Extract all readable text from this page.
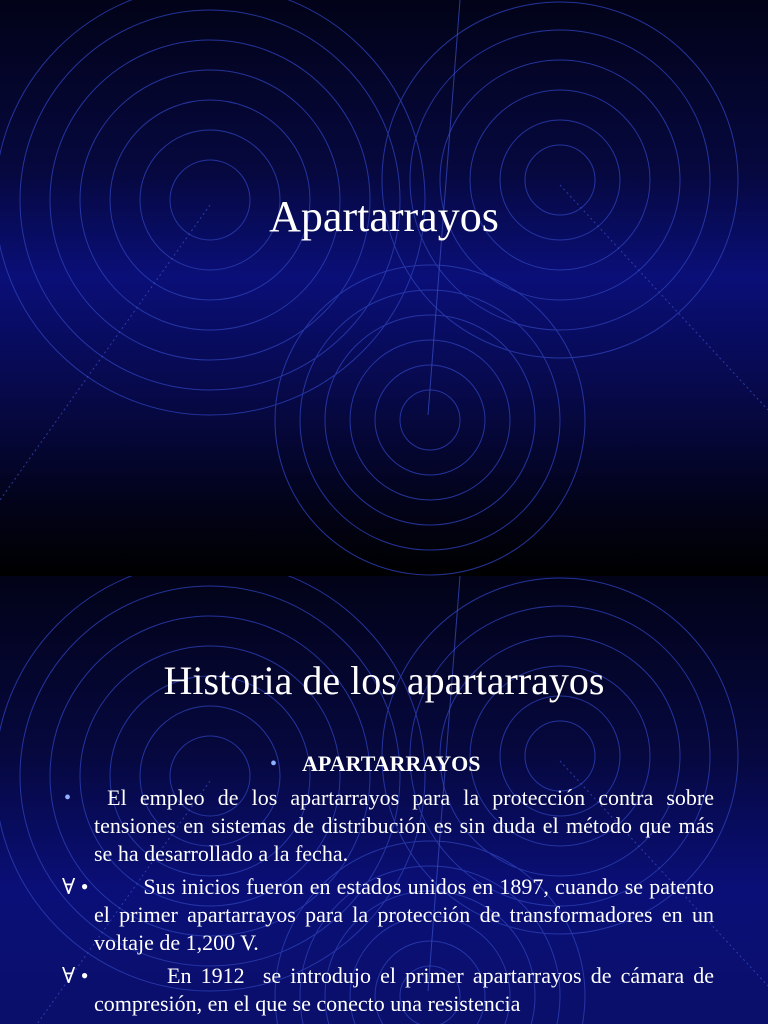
Apartarrayos
Historia de los apartarrayos
• APARTARRAYOS
• El empleo de los apartarrayos para la protección contra sobre tensiones en sistemas de distribución es sin duda el método que más se ha desarrollado a la fecha.
∀ • Sus inicios fueron en estados unidos en 1897, cuando se patento el primer apartarrayos para la protección de transformadores en un voltaje de 1,200 V.
∀ • En 1912  se introdujo el primer apartarrayos de cámara de compresión, en el que se conecto una resistencia
